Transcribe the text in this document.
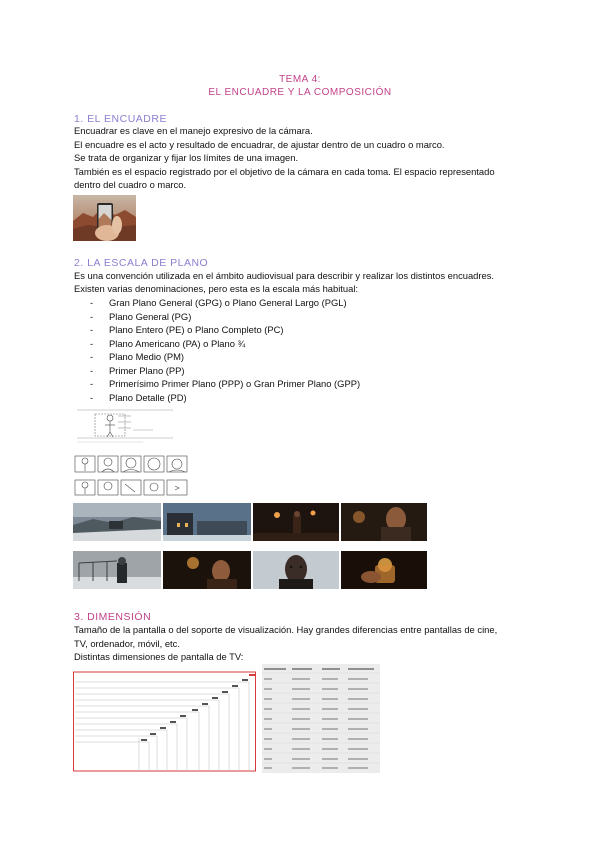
TEMA 4:
EL ENCUADRE Y LA COMPOSICIÓN
1. EL ENCUADRE
Encuadrar es clave en el manejo expresivo de la cámara.
El encuadre es el acto y resultado de encuadrar, de ajustar dentro de un cuadro o marco.
Se trata de organizar y fijar los límites de una imagen.
También es el espacio registrado por el objetivo de la cámara en cada toma. El espacio representado
dentro del cuadro o marco.
2. LA ESCALA DE PLANO
Es una convención utilizada en el ámbito audiovisual para describir y realizar los distintos encuadres.
Existen varias denominaciones, pero esta es la escala más habitual:
- Gran Plano General (GPG) o Plano General Largo (PGL)
- Plano General (PG)
- Plano Entero (PE) o Plano Completo (PC)
- Plano Americano (PA) o Plano ¾
- Plano Medio (PM)
- Primer Plano (PP)
- Primerísimo Primer Plano (PPP) o Gran Primer Plano (GPP)
- Plano Detalle (PD)
3. DIMENSIÓN
Tamaño de la pantalla o del soporte de visualización. Hay grandes diferencias entre pantallas de cine,
TV, ordenador, móvil, etc.
Distintas dimensiones de pantalla de TV:
